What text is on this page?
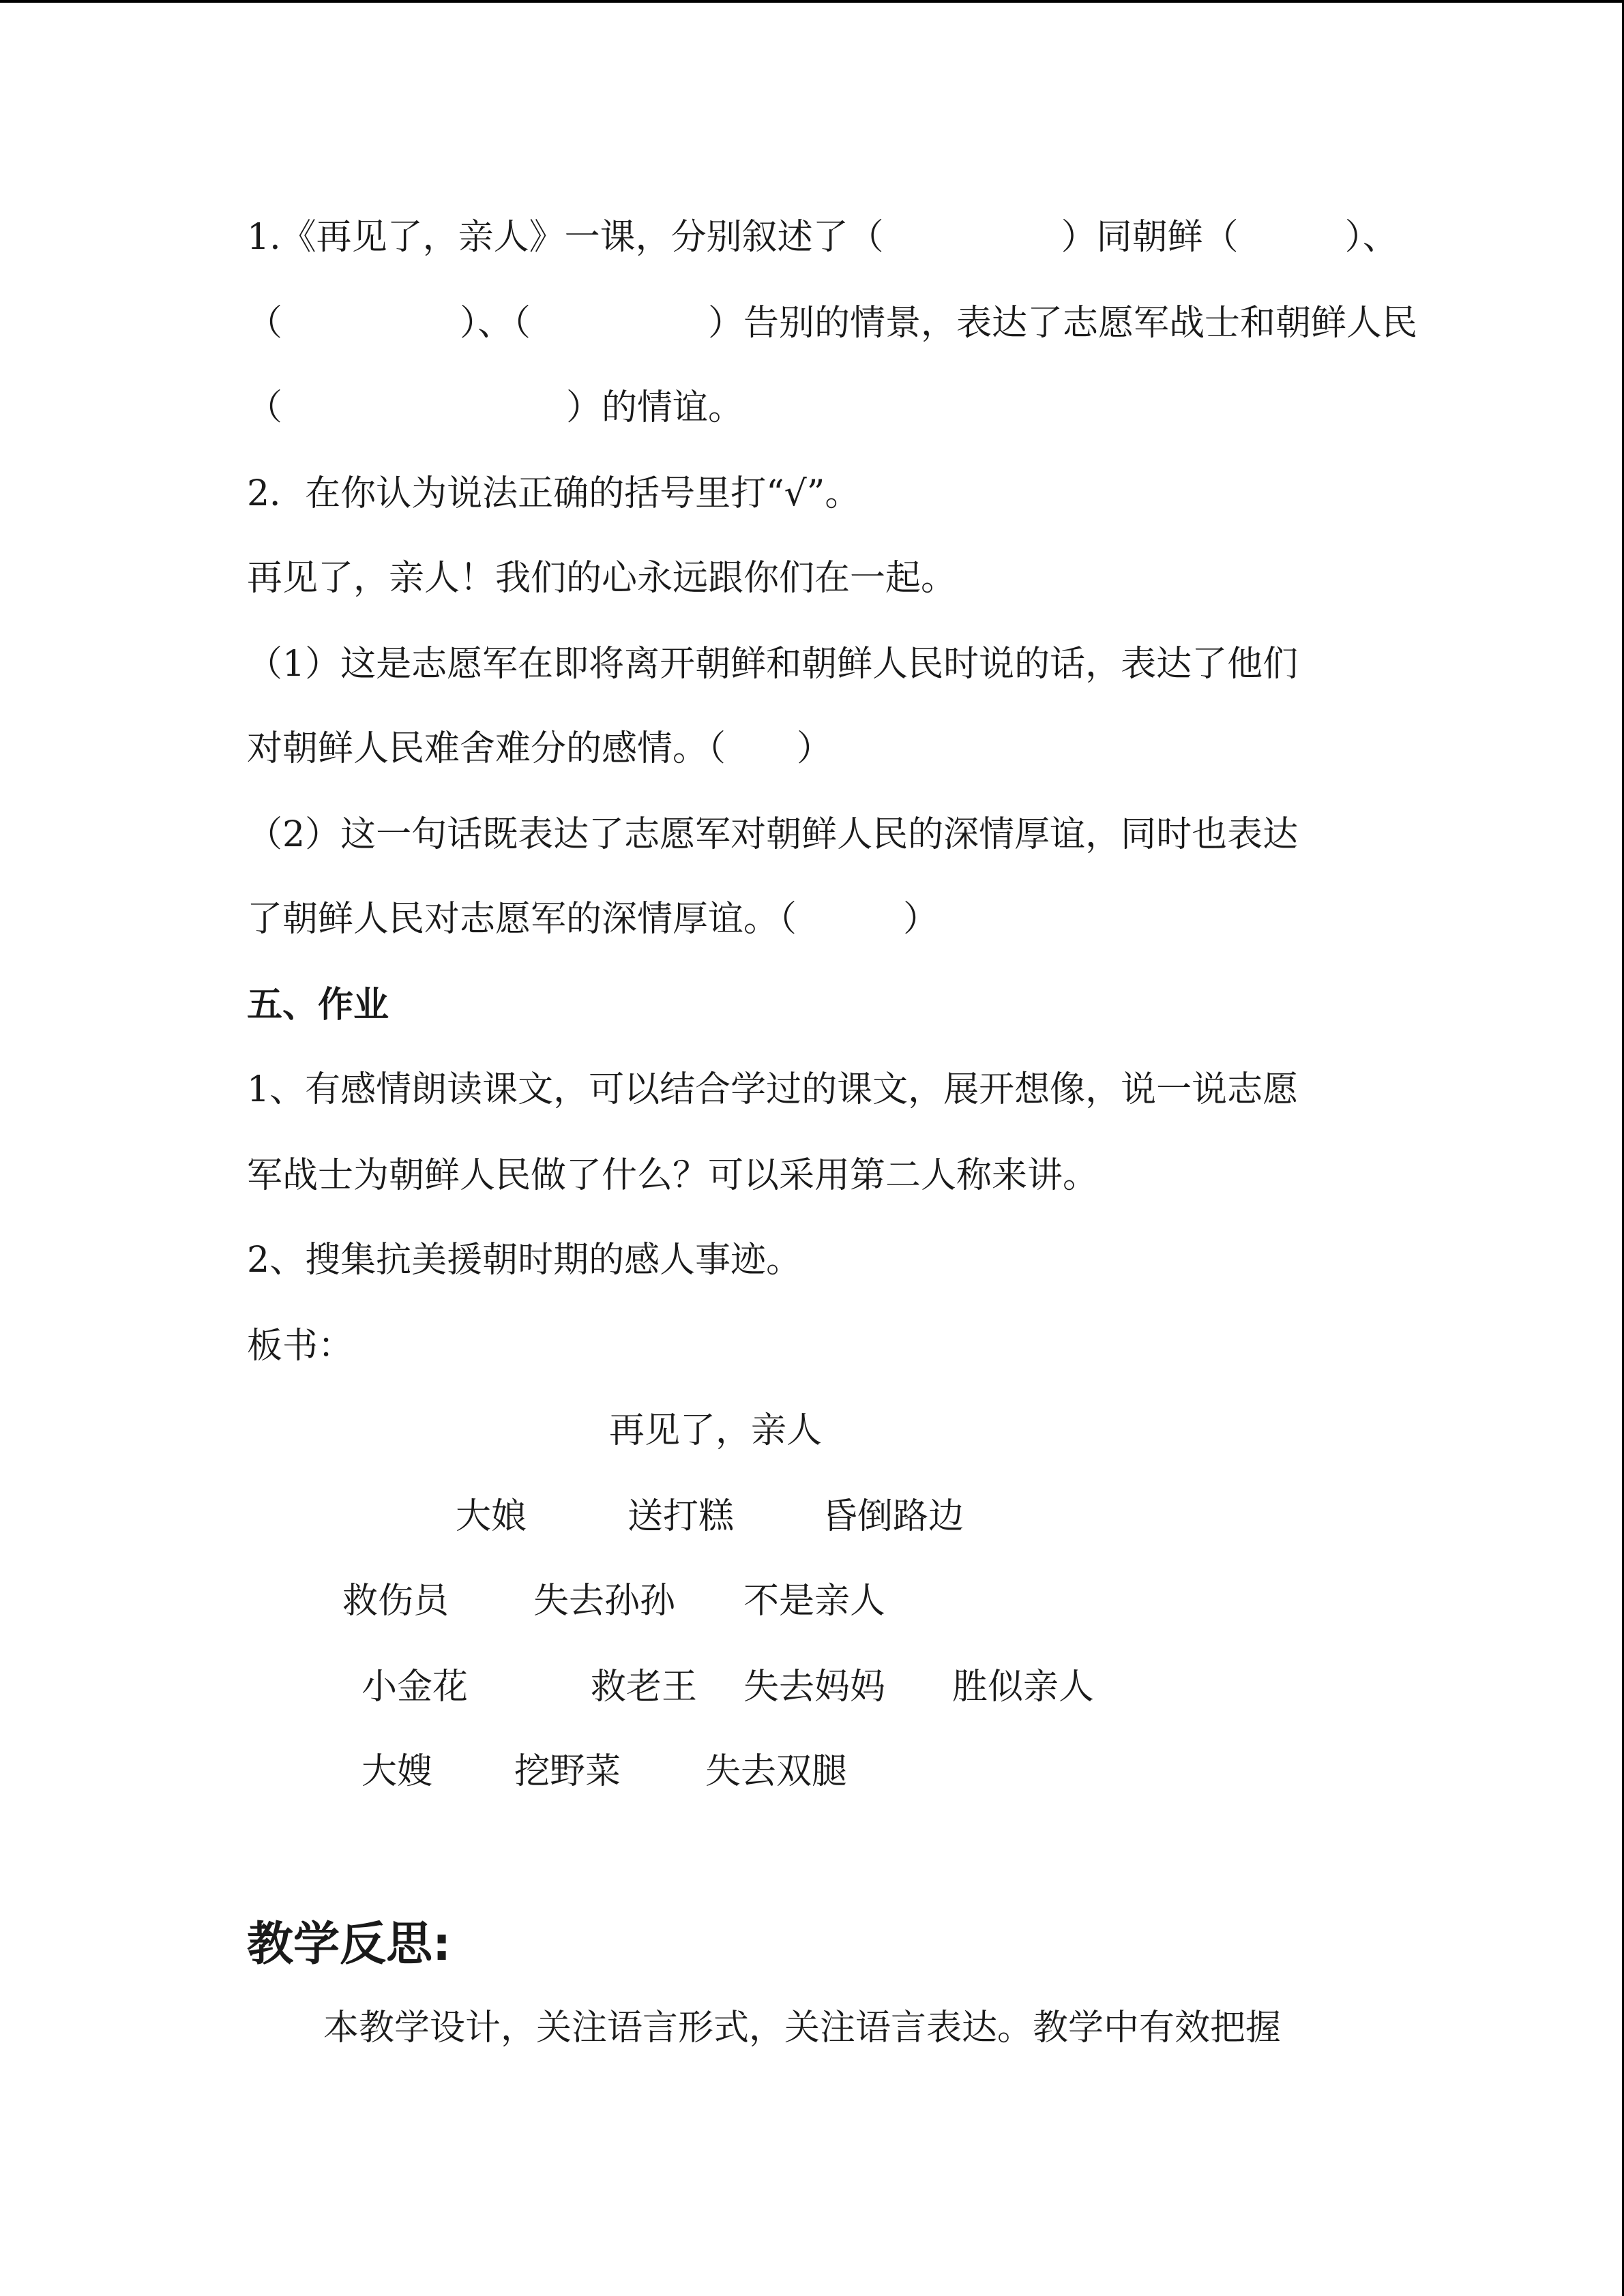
1.《再见了，亲人》一课，分别叙述了（　　　　　）同朝鲜（　　　）、
（　　　　　）、（　　　　　）告别的情景，表达了志愿军战士和朝鲜人民
（　　　　　　　　）的情谊。
2．在你认为说法正确的括号里打“√”。
再见了，亲人！我们的心永远跟你们在一起。
（1）这是志愿军在即将离开朝鲜和朝鲜人民时说的话，表达了他们
对朝鲜人民难舍难分的感情。（　　）
（2）这一句话既表达了志愿军对朝鲜人民的深情厚谊，同时也表达
了朝鲜人民对志愿军的深情厚谊。（　　　）
五、作业
1、有感情朗读课文，可以结合学过的课文，展开想像，说一说志愿
军战士为朝鲜人民做了什么？可以采用第二人称来讲。
2、搜集抗美援朝时期的感人事迹。
板书：
再见了，亲人
大娘	送打糕 昏倒路边
救伤员 失去孙孙 不是亲人
小金花	救老王 失去妈妈 胜似亲人
大嫂 挖野菜 失去双腿
教学反思:
本教学设计，关注语言形式，关注语言表达。教学中有效把握
